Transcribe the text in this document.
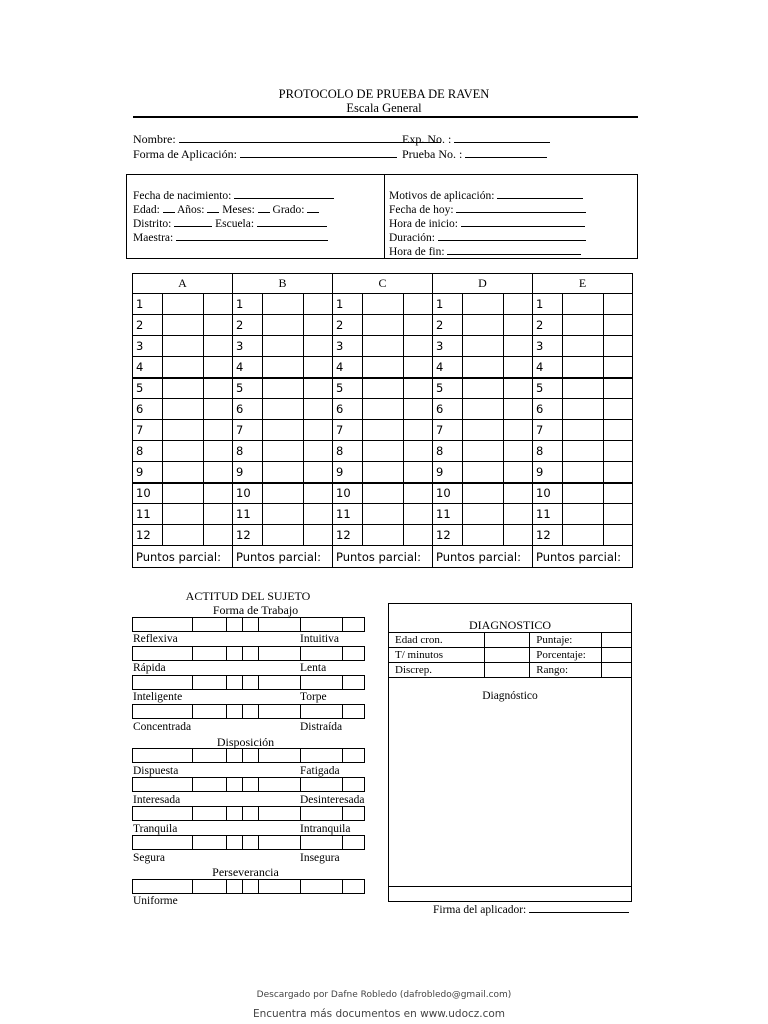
PROTOCOLO DE PRUEBA DE RAVEN
Escala General
Nombre:	Exp. No. :
Forma de Aplicación:	Prueba No. :
Fecha de nacimiento:
Edad: Años: Meses: Grado:
Distrito:	Escuela:
Maestra:
Motivos de aplicación:
Fecha de hoy:
Hora de inicio:
Duración:
Hora de fin:
A			B			C			D			E		
1			1			1			1			1		
2			2			2			2			2		
3			3			3			3			3		
4			4			4			4			4		
5			5			5			5			5		
6			6			6			6			6		
7			7			7			7			7		
8			8			8			8			8		
9			9			9			9			9		
10			10			10			10			10		
11			11			11			11			11		
12			12			12			12			12		
Puntos parcial:			Puntos parcial:			Puntos parcial:			Puntos parcial:			Puntos parcial:		
ACTITUD DEL SUJETO
Forma de Trabajo
Disposición
Perseverancia

Reflexiva	Intuitiva
Rápida	Lenta
Inteligente	Torpe
Concentrada	Distraída
Dispuesta	Fatigada
Interesada	Desinteresada
Tranquila	Intranquila
Segura	Insegura
Uniforme
DIAGNOSTICO
Edad cron.		Puntaje:	
T/ minutos		Porcentaje:	
Discrep.		Rango:	
Diagnóstico
Firma del aplicador:
Descargado por Dafne Robledo (dafrobledo@gmail.com)
Encuentra más documentos en www.udocz.com
